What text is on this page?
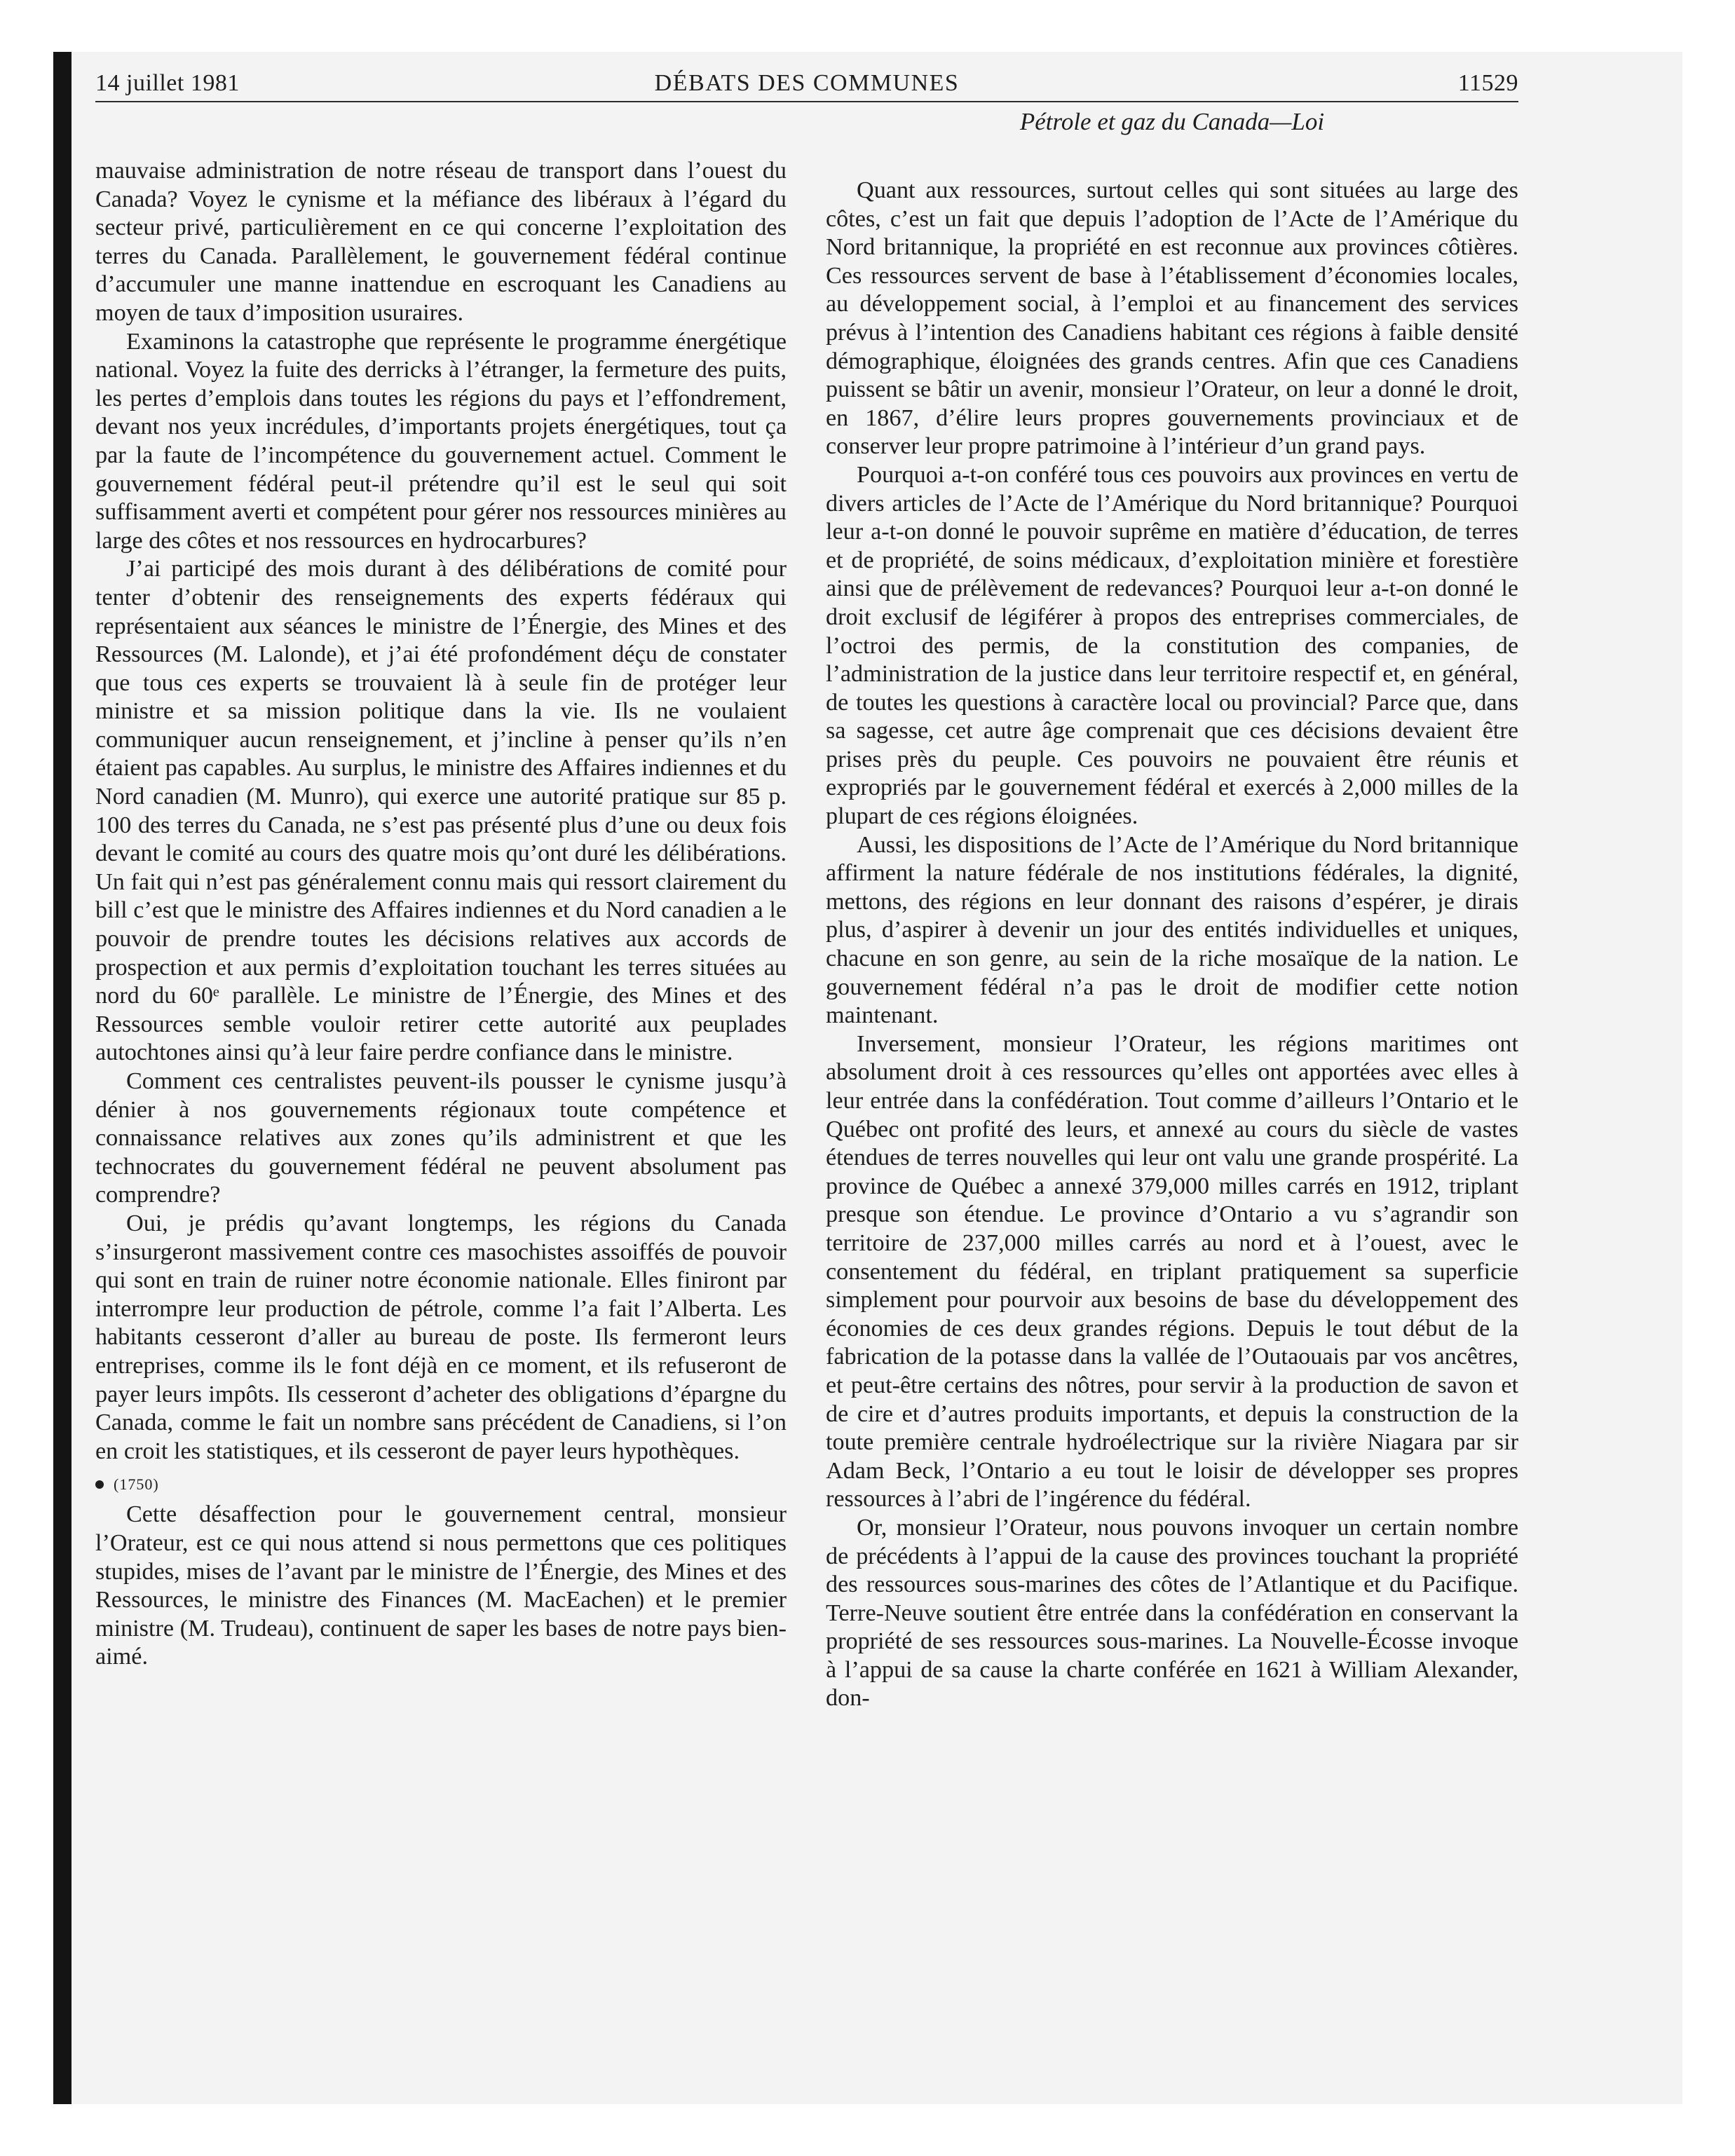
14 juillet 1981	DÉBATS DES COMMUNES	11529
Pétrole et gaz du Canada—Loi

mauvaise administration de notre réseau de transport dans l’ouest du Canada? Voyez le cynisme et la méfiance des libéraux à l’égard du secteur privé, particulièrement en ce qui concerne l’exploitation des terres du Canada. Parallèlement, le gouvernement fédéral continue d’accumuler une manne inattendue en escroquant les Canadiens au moyen de taux d’imposition usuraires.

Examinons la catastrophe que représente le programme énergétique national. Voyez la fuite des derricks à l’étranger, la fermeture des puits, les pertes d’emplois dans toutes les régions du pays et l’effondrement, devant nos yeux incrédules, d’importants projets énergétiques, tout ça par la faute de l’incompétence du gouvernement actuel. Comment le gouvernement fédéral peut-il prétendre qu’il est le seul qui soit suffisamment averti et compétent pour gérer nos ressources minières au large des côtes et nos ressources en hydrocarbures?

J’ai participé des mois durant à des délibérations de comité pour tenter d’obtenir des renseignements des experts fédéraux qui représentaient aux séances le ministre de l’Énergie, des Mines et des Ressources (M. Lalonde), et j’ai été profondément déçu de constater que tous ces experts se trouvaient là à seule fin de protéger leur ministre et sa mission politique dans la vie. Ils ne voulaient communiquer aucun renseignement, et j’incline à penser qu’ils n’en étaient pas capables. Au surplus, le ministre des Affaires indiennes et du Nord canadien (M. Munro), qui exerce une autorité pratique sur 85 p. 100 des terres du Canada, ne s’est pas présenté plus d’une ou deux fois devant le comité au cours des quatre mois qu’ont duré les délibérations. Un fait qui n’est pas généralement connu mais qui ressort clairement du bill c’est que le ministre des Affaires indiennes et du Nord canadien a le pouvoir de prendre toutes les décisions relatives aux accords de prospection et aux permis d’exploitation touchant les terres situées au nord du 60ᵉ parallèle. Le ministre de l’Énergie, des Mines et des Ressources semble vouloir retirer cette autorité aux peuplades autochtones ainsi qu’à leur faire perdre confiance dans le ministre.

Comment ces centralistes peuvent-ils pousser le cynisme jusqu’à dénier à nos gouvernements régionaux toute compétence et connaissance relatives aux zones qu’ils administrent et que les technocrates du gouvernement fédéral ne peuvent absolument pas comprendre?

Oui, je prédis qu’avant longtemps, les régions du Canada s’insurgeront massivement contre ces masochistes assoiffés de pouvoir qui sont en train de ruiner notre économie nationale. Elles finiront par interrompre leur production de pétrole, comme l’a fait l’Alberta. Les habitants cesseront d’aller au bureau de poste. Ils fermeront leurs entreprises, comme ils le font déjà en ce moment, et ils refuseront de payer leurs impôts. Ils cesseront d’acheter des obligations d’épargne du Canada, comme le fait un nombre sans précédent de Canadiens, si l’on en croit les statistiques, et ils cesseront de payer leurs hypothèques.

(1750)

Cette désaffection pour le gouvernement central, monsieur l’Orateur, est ce qui nous attend si nous permettons que ces politiques stupides, mises de l’avant par le ministre de l’Énergie, des Mines et des Ressources, le ministre des Finances (M. MacEachen) et le premier ministre (M. Trudeau), continuent de saper les bases de notre pays bien-aimé.

Quant aux ressources, surtout celles qui sont situées au large des côtes, c’est un fait que depuis l’adoption de l’Acte de l’Amérique du Nord britannique, la propriété en est reconnue aux provinces côtières. Ces ressources servent de base à l’établissement d’économies locales, au développement social, à l’emploi et au financement des services prévus à l’intention des Canadiens habitant ces régions à faible densité démographique, éloignées des grands centres. Afin que ces Canadiens puissent se bâtir un avenir, monsieur l’Orateur, on leur a donné le droit, en 1867, d’élire leurs propres gouvernements provinciaux et de conserver leur propre patrimoine à l’intérieur d’un grand pays.

Pourquoi a-t-on conféré tous ces pouvoirs aux provinces en vertu de divers articles de l’Acte de l’Amérique du Nord britannique? Pourquoi leur a-t-on donné le pouvoir suprême en matière d’éducation, de terres et de propriété, de soins médicaux, d’exploitation minière et forestière ainsi que de prélèvement de redevances? Pourquoi leur a-t-on donné le droit exclusif de légiférer à propos des entreprises commerciales, de l’octroi des permis, de la constitution des companies, de l’administration de la justice dans leur territoire respectif et, en général, de toutes les questions à caractère local ou provincial? Parce que, dans sa sagesse, cet autre âge comprenait que ces décisions devaient être prises près du peuple. Ces pouvoirs ne pouvaient être réunis et expropriés par le gouvernement fédéral et exercés à 2,000 milles de la plupart de ces régions éloignées.

Aussi, les dispositions de l’Acte de l’Amérique du Nord britannique affirment la nature fédérale de nos institutions fédérales, la dignité, mettons, des régions en leur donnant des raisons d’espérer, je dirais plus, d’aspirer à devenir un jour des entités individuelles et uniques, chacune en son genre, au sein de la riche mosaïque de la nation. Le gouvernement fédéral n’a pas le droit de modifier cette notion maintenant.

Inversement, monsieur l’Orateur, les régions maritimes ont absolument droit à ces ressources qu’elles ont apportées avec elles à leur entrée dans la confédération. Tout comme d’ailleurs l’Ontario et le Québec ont profité des leurs, et annexé au cours du siècle de vastes étendues de terres nouvelles qui leur ont valu une grande prospérité. La province de Québec a annexé 379,000 milles carrés en 1912, triplant presque son étendue. Le province d’Ontario a vu s’agrandir son territoire de 237,000 milles carrés au nord et à l’ouest, avec le consentement du fédéral, en triplant pratiquement sa superficie simplement pour pourvoir aux besoins de base du développement des économies de ces deux grandes régions. Depuis le tout début de la fabrication de la potasse dans la vallée de l’Outaouais par vos ancêtres, et peut-être certains des nôtres, pour servir à la production de savon et de cire et d’autres produits importants, et depuis la construction de la toute première centrale hydroélectrique sur la rivière Niagara par sir Adam Beck, l’Ontario a eu tout le loisir de développer ses propres ressources à l’abri de l’ingérence du fédéral.

Or, monsieur l’Orateur, nous pouvons invoquer un certain nombre de précédents à l’appui de la cause des provinces touchant la propriété des ressources sous-marines des côtes de l’Atlantique et du Pacifique. Terre-Neuve soutient être entrée dans la confédération en conservant la propriété de ses ressources sous-marines. La Nouvelle-Écosse invoque à l’appui de sa cause la charte conférée en 1621 à William Alexander, don-
